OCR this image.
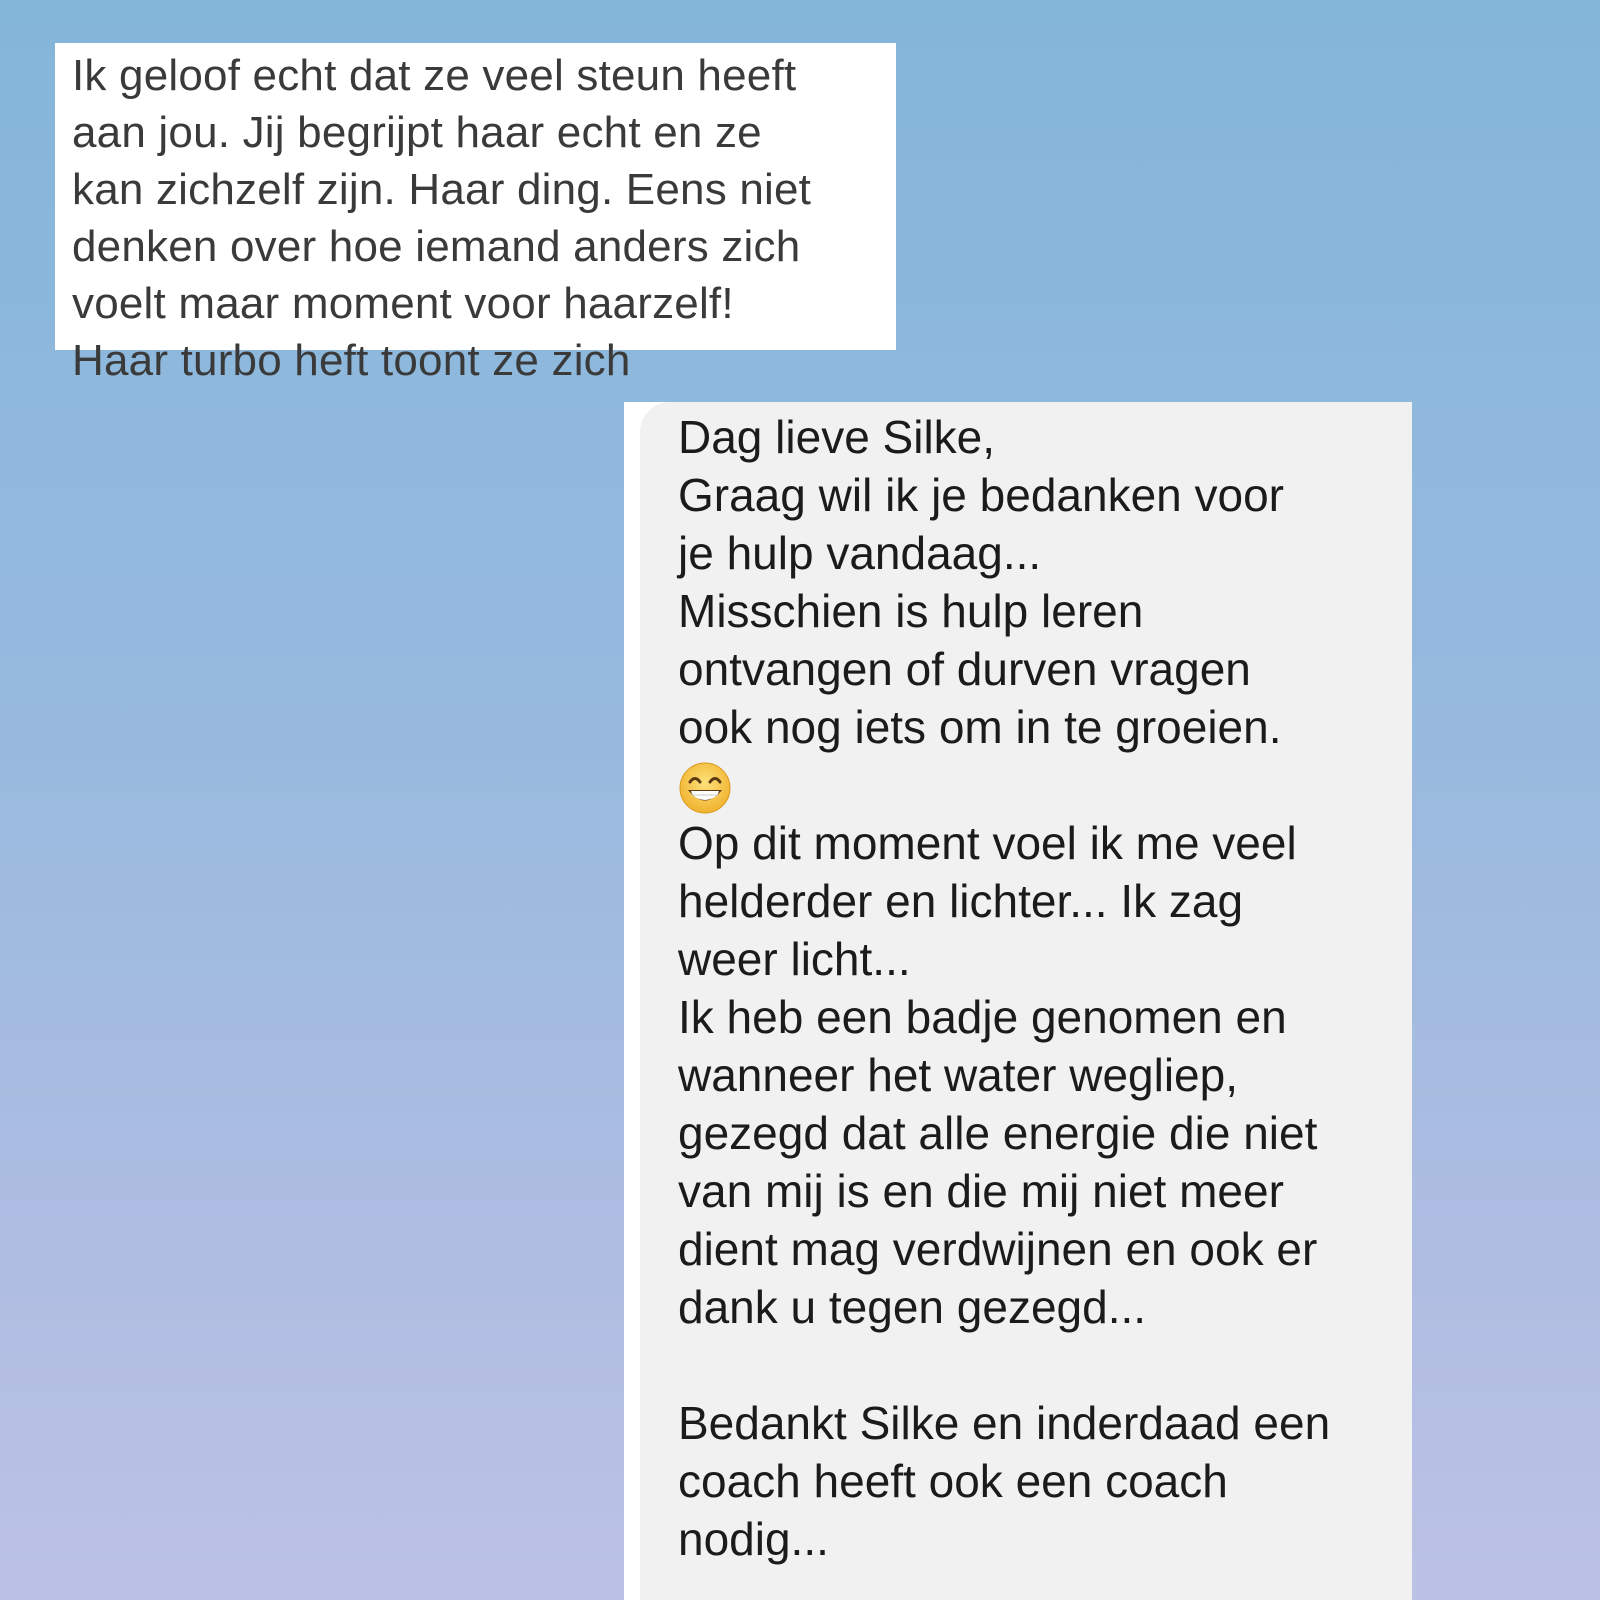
Ik geloof echt dat ze veel steun heeft
aan jou. Jij begrijpt haar echt en ze
kan zichzelf zijn. Haar ding. Eens niet
denken over hoe iemand anders zich
voelt maar moment voor haarzelf!
Haar turbo heft toont ze zich
Dag lieve Silke,
Graag wil ik je bedanken voor
je hulp vandaag...
Misschien is hulp leren
ontvangen of durven vragen
ook nog iets om in te groeien.
Op dit moment voel ik me veel
helderder en lichter... Ik zag
weer licht...
Ik heb een badje genomen en
wanneer het water wegliep,
gezegd dat alle energie die niet
van mij is en die mij niet meer
dient mag verdwijnen en ook er
dank u tegen gezegd...
Bedankt Silke en inderdaad een
coach heeft ook een coach
nodig...
